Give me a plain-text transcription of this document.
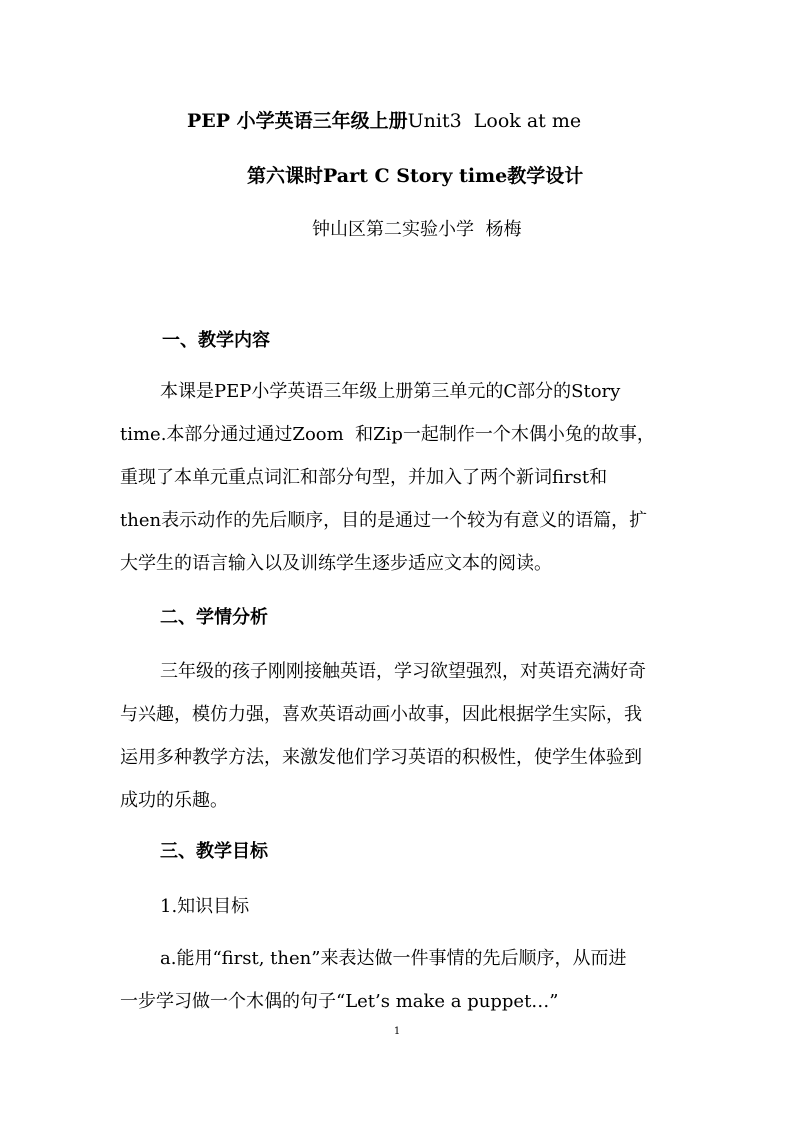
PEP 小学英语三年级上册Unit3  Look at me
第六课时Part C Story time教学设计
钟山区第二实验小学  杨梅
一、教学内容
本课是PEP小学英语三年级上册第三单元的C部分的Story
time.本部分通过通过Zoom  和Zip一起制作一个木偶小兔的故事，
重现了本单元重点词汇和部分句型，并加入了两个新词first和
then表示动作的先后顺序，目的是通过一个较为有意义的语篇，扩
大学生的语言输入以及训练学生逐步适应文本的阅读。
二、学情分析
三年级的孩子刚刚接触英语，学习欲望强烈，对英语充满好奇
与兴趣，模仿力强，喜欢英语动画小故事，因此根据学生实际，我
运用多种教学方法，来激发他们学习英语的积极性，使学生体验到
成功的乐趣。
三、教学目标
1.知识目标
a.能用“first, then”来表达做一件事情的先后顺序，从而进
一步学习做一个木偶的句子“Let’s make a puppet…”
1
